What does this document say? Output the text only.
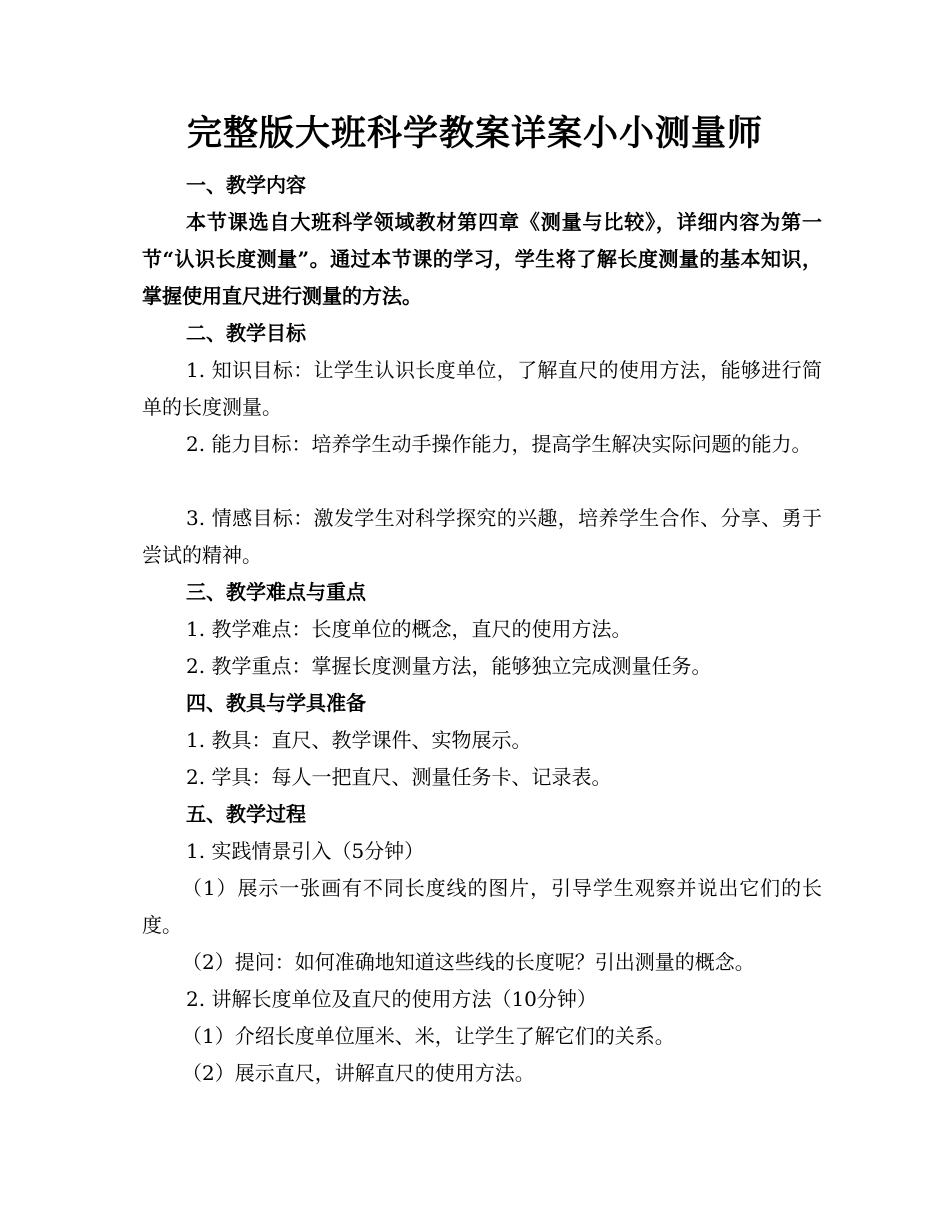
完整版大班科学教案详案小小测量师
一、教学内容
本节课选自大班科学领域教材第四章《测量与比较》，详细内容为第一节“认识长度测量”。通过本节课的学习，学生将了解长度测量的基本知识，掌握使用直尺进行测量的方法。
二、教学目标
1. 知识目标：让学生认识长度单位，了解直尺的使用方法，能够进行简单的长度测量。
2. 能力目标：培养学生动手操作能力，提高学生解决实际问题的能力。
3. 情感目标：激发学生对科学探究的兴趣，培养学生合作、分享、勇于尝试的精神。
三、教学难点与重点
1. 教学难点：长度单位的概念，直尺的使用方法。
2. 教学重点：掌握长度测量方法，能够独立完成测量任务。
四、教具与学具准备
1. 教具：直尺、教学课件、实物展示。
2. 学具：每人一把直尺、测量任务卡、记录表。
五、教学过程
1. 实践情景引入（5分钟）
（1）展示一张画有不同长度线的图片，引导学生观察并说出它们的长度。
（2）提问：如何准确地知道这些线的长度呢？引出测量的概念。
2. 讲解长度单位及直尺的使用方法（10分钟）
（1）介绍长度单位厘米、米，让学生了解它们的关系。
（2）展示直尺，讲解直尺的使用方法。
